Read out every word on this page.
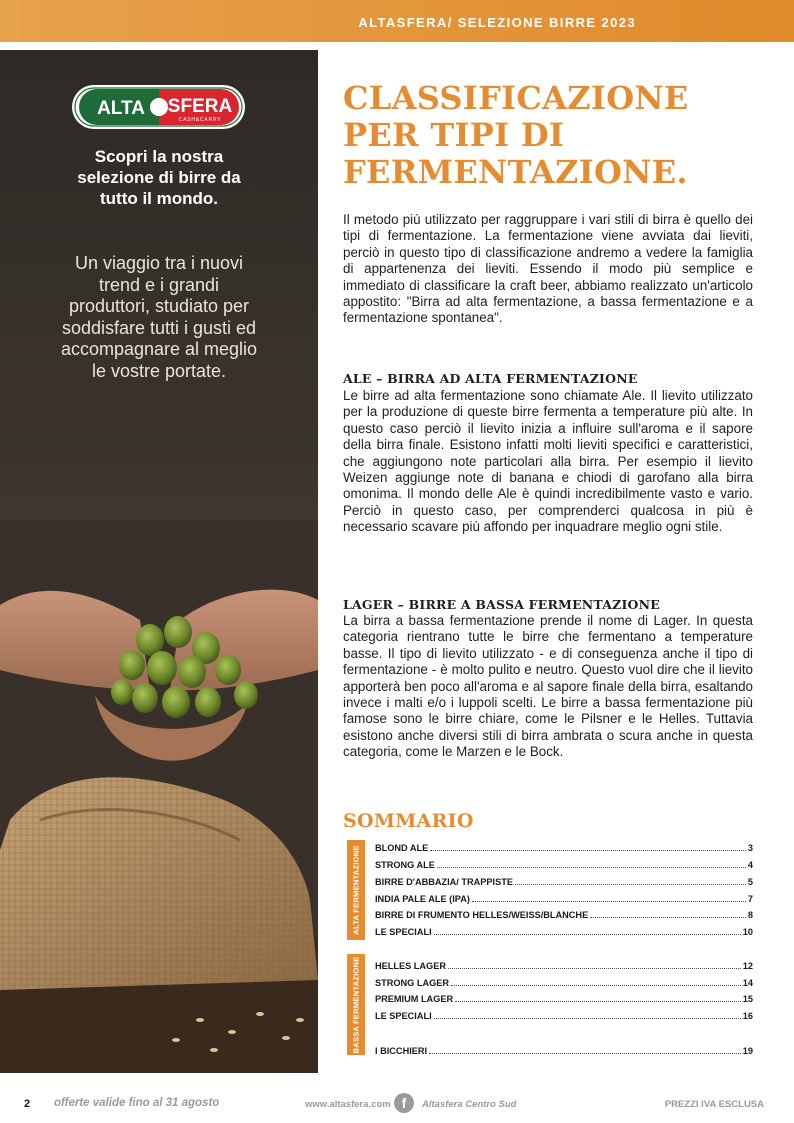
ALTASFERA/ SELEZIONE BIRRE 2023
ALTA SFERA
CASH&CARRY
Scopri la nostra selezione di birre da tutto il mondo.
Un viaggio tra i nuovi trend e i grandi produttori, studiato per soddisfare tutti i gusti ed accompagnare al meglio le vostre portate.
CLASSIFICAZIONE PER TIPI DI FERMENTAZIONE.
Il metodo più utilizzato per raggruppare i vari stili di birra è quello dei tipi di fermentazione. La fermentazione viene avviata dai lieviti, perciò in questo tipo di classificazione andremo a vedere la famiglia di appartenenza dei lieviti. Essendo il modo più semplice e immediato di classificare la craft beer, abbiamo realizzato un'articolo appostito: "Birra ad alta fermentazione, a bassa fermentazione e a fermentazione spontanea".
ALE – BIRRA AD ALTA FERMENTAZIONE
Le birre ad alta fermentazione sono chiamate Ale. Il lievito utilizzato per la produzione di queste birre fermenta a temperature più alte. In questo caso perciò il lievito inizia a influire sull'aroma e il sapore della birra finale. Esistono infatti molti lieviti specifici e caratteristici, che aggiungono note particolari alla birra. Per esempio il lievito Weizen aggiunge note di banana e chiodi di garofano alla birra omonima. Il mondo delle Ale è quindi incredibilmente vasto e vario. Perciò in questo caso, per comprenderci qualcosa in più è necessario scavare più affondo per inquadrare meglio ogni stile.
LAGER – BIRRE A BASSA FERMENTAZIONE
La birra a bassa fermentazione prende il nome di Lager. In questa categoria rientrano tutte le birre che fermentano a temperature basse. Il tipo di lievito utilizzato - e di conseguenza anche il tipo di fermentazione - è molto pulito e neutro. Questo vuol dire che il lievito apporterà ben poco all'aroma e al sapore finale della birra, esaltando invece i malti e/o i luppoli scelti. Le birre a bassa fermentazione più famose sono le birre chiare, come le Pilsner e le Helles. Tuttavia esistono anche diversi stili di birra ambrata o scura anche in questa categoria, come le Marzen e le Bock.
SOMMARIO
ALTA FERMENTAZIONE
BASSA FERMENTAZIONE
BLOND ALE	3
STRONG ALE	4
BIRRE D'ABBAZIA/ TRAPPISTE	5
INDIA PALE ALE (IPA)	7
BIRRE DI FRUMENTO HELLES/WEISS/BLANCHE	8
LE SPECIALI	10
HELLES LAGER	12
STRONG LAGER	14
PREMIUM LAGER	15
LE SPECIALI	16
I BICCHIERI	19
2 offerte valide fino al 31 agosto	www.altasfera.com f	Altasfera Centro Sud	PREZZI IVA ESCLUSA
